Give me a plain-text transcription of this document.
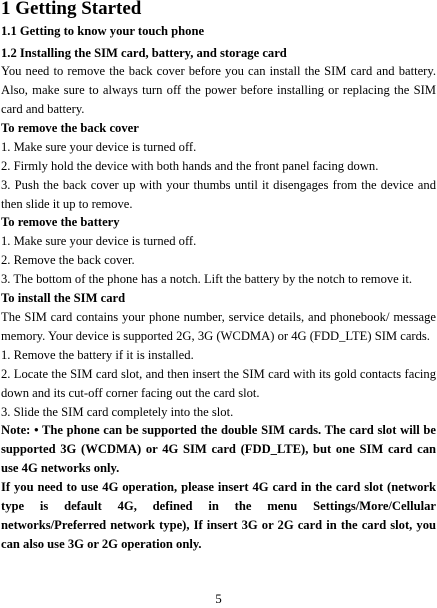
1 Getting Started
1.1 Getting to know your touch phone
1.2 Installing the SIM card, battery, and storage card

You need to remove the back cover before you can install the SIM card and battery. Also, make sure to always turn off the power before installing or replacing the SIM card and battery.

To remove the back cover

1. Make sure your device is turned off.

2. Firmly hold the device with both hands and the front panel facing down.

3. Push the back cover up with your thumbs until it disengages from the device and then slide it up to remove.

To remove the battery

1. Make sure your device is turned off.

2. Remove the back cover.

3. The bottom of the phone has a notch. Lift the battery by the notch to remove it.

To install the SIM card

The SIM card contains your phone number, service details, and phonebook/ message memory. Your device is supported 2G, 3G (WCDMA) or 4G (FDD_LTE) SIM cards.

1. Remove the battery if it is installed.

2. Locate the SIM card slot, and then insert the SIM card with its gold contacts facing down and its cut-off corner facing out the card slot.

3. Slide the SIM card completely into the slot.

Note: • The phone can be supported the double SIM cards. The card slot will be supported 3G (WCDMA) or 4G SIM card (FDD_LTE), but one SIM card can use 4G networks only.

If you need to use 4G operation, please insert 4G card in the card slot (network type is default 4G, defined in the menu Settings/More/Cellular networks/Preferred network type), If insert 3G or 2G card in the card slot, you can also use 3G or 2G operation only.

5
